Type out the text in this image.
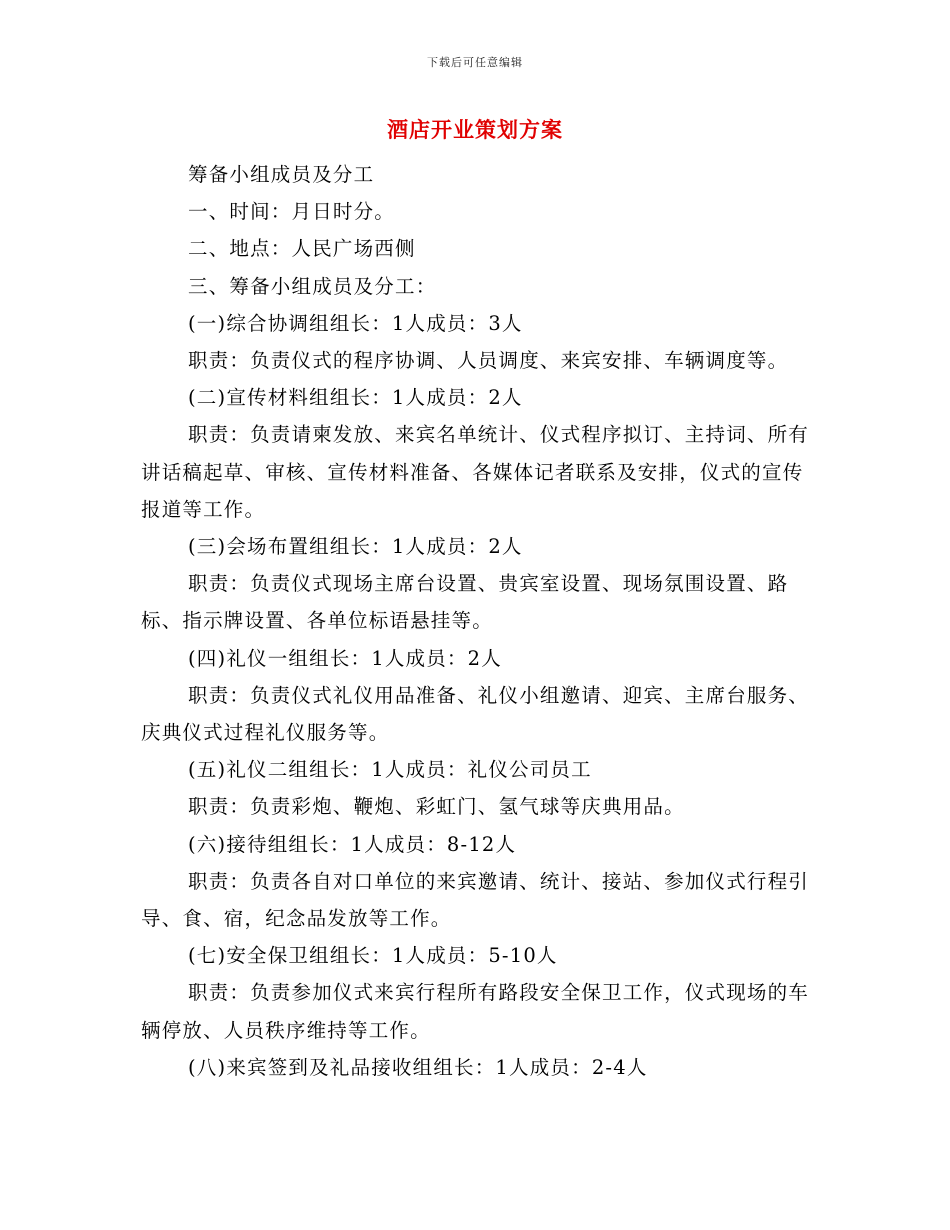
下载后可任意编辑
酒店开业策划方案

筹备小组成员及分工

一、时间：月日时分。

二、地点：人民广场西侧

三、筹备小组成员及分工：

(一)综合协调组组长：1人成员：3人

职责：负责仪式的程序协调、人员调度、来宾安排、车辆调度等。

(二)宣传材料组组长：1人成员：2人

职责：负责请柬发放、来宾名单统计、仪式程序拟订、主持词、所有讲话稿起草、审核、宣传材料准备、各媒体记者联系及安排，仪式的宣传报道等工作。

(三)会场布置组组长：1人成员：2人

职责：负责仪式现场主席台设置、贵宾室设置、现场氛围设置、路标、指示牌设置、各单位标语悬挂等。

(四)礼仪一组组长：1人成员：2人

职责：负责仪式礼仪用品准备、礼仪小组邀请、迎宾、主席台服务、庆典仪式过程礼仪服务等。

(五)礼仪二组组长：1人成员：礼仪公司员工

职责：负责彩炮、鞭炮、彩虹门、氢气球等庆典用品。

(六)接待组组长：1人成员：8-12人

职责：负责各自对口单位的来宾邀请、统计、接站、参加仪式行程引导、食、宿，纪念品发放等工作。

(七)安全保卫组组长：1人成员：5-10人

职责：负责参加仪式来宾行程所有路段安全保卫工作，仪式现场的车辆停放、人员秩序维持等工作。

(八)来宾签到及礼品接收组组长：1人成员：2-4人
